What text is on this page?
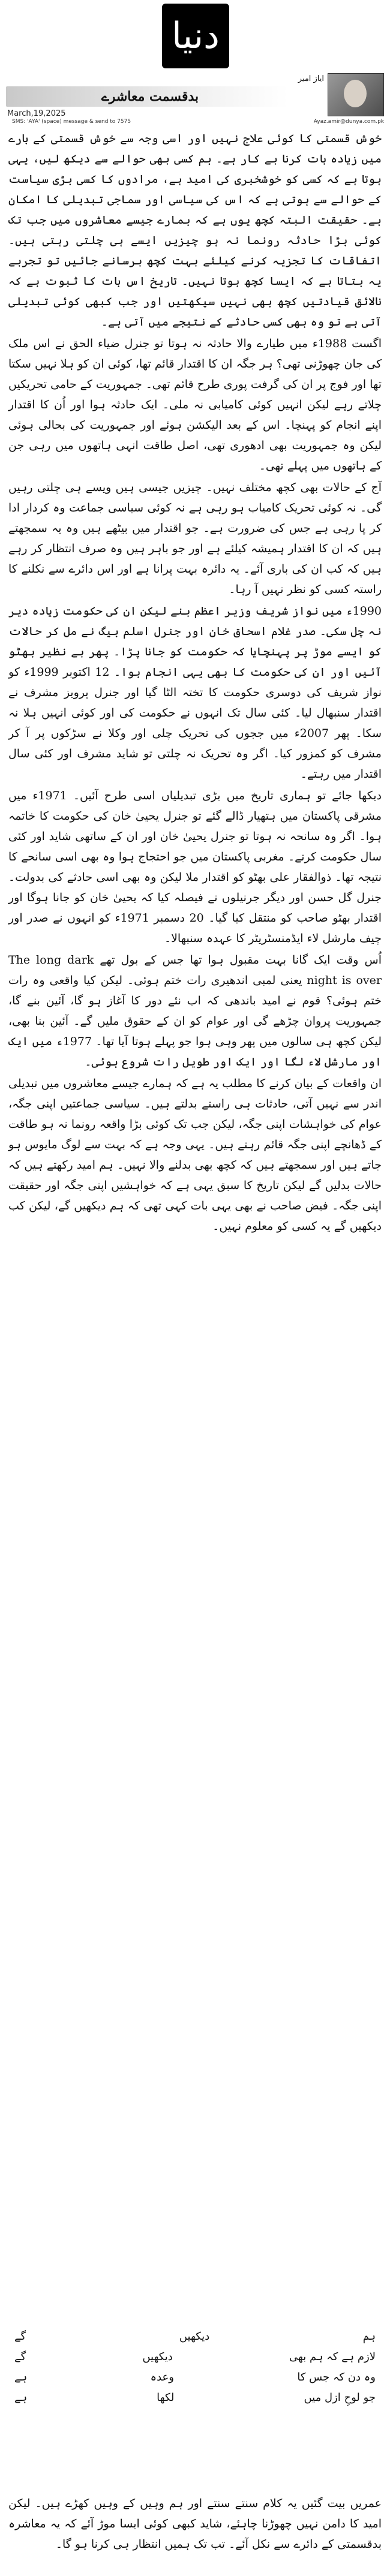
دنیا
بدقسمت معاشرے
ایاز امیر
March,19,2025
SMS: 'AYA' (space) message & send to 7575	Ayaz.amir@dunya.com.pk

خوش قسمتی کا کوئی علاج نہیں اور اسی وجہ سے خوش قسمتی کے بارے میں زیادہ بات کرنا بے کار ہے۔ ہم کسی بھی حوالے سے دیکھ لیں، یہی ہوتا ہے کہ کسی کو خوشخبری کی امید ہے، مرادوں کا کسی بڑی سیاست کے حوالے سے ہوتی ہے کہ اس کی سیاسی اور سماجی تبدیلی کا امکان ہے۔ حقیقت البتہ کچھ یوں ہے کہ ہمارے جیسے معاشروں میں جب تک کوئی بڑا حادثہ رونما نہ ہو چیزیں ایسے ہی چلتی رہتی ہیں۔ اتفاقات کا تجزیہ کرنے کیلئے بہت کچھ برسانے جائیں تو تجربے یہ بتاتا ہے کہ ایسا کچھ ہوتا نہیں۔ تاریخ اس بات کا ثبوت ہے کہ نالائق قیادتیں کچھ بھی نہیں سیکھتیں اور جب کبھی کوئی تبدیلی آتی ہے تو وہ بھی کسی حادثے کے نتیجے میں آتی ہے۔

اگست 1988ء میں طیارے والا حادثہ نہ ہوتا تو جنرل ضیاء الحق نے اس ملک کی جان چھوڑنی تھی؟ ہر جگہ ان کا اقتدار قائم تھا، کوئی ان کو ہلا نہیں سکتا تھا اور فوج پر ان کی گرفت پوری طرح قائم تھی۔ جمہوریت کے حامی تحریکیں چلاتے رہے لیکن انہیں کوئی کامیابی نہ ملی۔ ایک حادثہ ہوا اور اُن کا اقتدار اپنے انجام کو پہنچا۔ اس کے بعد الیکشن ہوئے اور جمہوریت کی بحالی ہوئی لیکن وہ جمہوریت بھی ادھوری تھی، اصل طاقت انہی ہاتھوں میں رہی جن کے ہاتھوں میں پہلے تھی۔

آج کے حالات بھی کچھ مختلف نہیں۔ چیزیں جیسی ہیں ویسے ہی چلتی رہیں گی۔ نہ کوئی تحریک کامیاب ہو رہی ہے نہ کوئی سیاسی جماعت وہ کردار ادا کر پا رہی ہے جس کی ضرورت ہے۔ جو اقتدار میں بیٹھے ہیں وہ یہ سمجھتے ہیں کہ ان کا اقتدار ہمیشہ کیلئے ہے اور جو باہر ہیں وہ صرف انتظار کر رہے ہیں کہ کب ان کی باری آئے۔ یہ دائرہ بہت پرانا ہے اور اس دائرے سے نکلنے کا راستہ کسی کو نظر نہیں آ رہا۔

1990ء میں نواز شریف وزیر اعظم بنے لیکن ان کی حکومت زیادہ دیر نہ چل سکی۔ صدر غلام اسحاق خان اور جنرل اسلم بیگ نے مل کر حالات کو ایسے موڑ پر پہنچایا کہ حکومت کو جانا پڑا۔ پھر بے نظیر بھٹو آئیں اور ان کی حکومت کا بھی یہی انجام ہوا۔ 12 اکتوبر 1999ء کو نواز شریف کی دوسری حکومت کا تختہ الٹا گیا اور جنرل پرویز مشرف نے اقتدار سنبھال لیا۔ کئی سال تک انہوں نے حکومت کی اور کوئی انہیں ہلا نہ سکا۔ پھر 2007ء میں ججوں کی تحریک چلی اور وکلا نے سڑکوں پر آ کر مشرف کو کمزور کیا۔ اگر وہ تحریک نہ چلتی تو شاید مشرف اور کئی سال اقتدار میں رہتے۔

دیکھا جائے تو ہماری تاریخ میں بڑی تبدیلیاں اسی طرح آئیں۔ 1971ء میں مشرقی پاکستان میں ہتھیار ڈالے گئے تو جنرل یحییٰ خان کی حکومت کا خاتمہ ہوا۔ اگر وہ سانحہ نہ ہوتا تو جنرل یحییٰ خان اور ان کے ساتھی شاید اور کئی سال حکومت کرتے۔ مغربی پاکستان میں جو احتجاج ہوا وہ بھی اسی سانحے کا نتیجہ تھا۔ ذوالفقار علی بھٹو کو اقتدار ملا لیکن وہ بھی اسی حادثے کی بدولت۔ جنرل گل حسن اور دیگر جرنیلوں نے فیصلہ کیا کہ یحییٰ خان کو جانا ہوگا اور اقتدار بھٹو صاحب کو منتقل کیا گیا۔ 20 دسمبر 1971ء کو انہوں نے صدر اور چیف مارشل لاء ایڈمنسٹریٹر کا عہدہ سنبھالا۔

اُس وقت ایک گانا بہت مقبول ہوا تھا جس کے بول تھے The long dark night is over یعنی لمبی اندھیری رات ختم ہوئی۔ لیکن کیا واقعی وہ رات ختم ہوئی؟ قوم نے امید باندھی کہ اب نئے دور کا آغاز ہو گا، آئین بنے گا، جمہوریت پروان چڑھے گی اور عوام کو ان کے حقوق ملیں گے۔ آئین بنا بھی، لیکن کچھ ہی سالوں میں پھر وہی ہوا جو پہلے ہوتا آیا تھا۔ 1977ء میں ایک اور مارشل لاء لگا اور ایک اور طویل رات شروع ہوئی۔

ان واقعات کے بیان کرنے کا مطلب یہ ہے کہ ہمارے جیسے معاشروں میں تبدیلی اندر سے نہیں آتی، حادثات ہی راستے بدلتے ہیں۔ سیاسی جماعتیں اپنی جگہ، عوام کی خواہشات اپنی جگہ، لیکن جب تک کوئی بڑا واقعہ رونما نہ ہو طاقت کے ڈھانچے اپنی جگہ قائم رہتے ہیں۔ یہی وجہ ہے کہ بہت سے لوگ مایوس ہو جاتے ہیں اور سمجھتے ہیں کہ کچھ بھی بدلنے والا نہیں۔ ہم امید رکھتے ہیں کہ حالات بدلیں گے لیکن تاریخ کا سبق یہی ہے کہ خواہشیں اپنی جگہ اور حقیقت اپنی جگہ۔ فیض صاحب نے بھی یہی بات کہی تھی کہ ہم دیکھیں گے، لیکن کب دیکھیں گے یہ کسی کو معلوم نہیں۔

ہم
دیکھیں
گے
لازم ہے کہ ہم بھی
دیکھیں
گے
وہ دن کہ جس کا
وعدہ
ہے
جو لوحِ ازل میں
لکھا
ہے
عمریں بیت گئیں یہ کلام سنتے سنتے اور ہم وہیں کے وہیں کھڑے ہیں۔ لیکن امید کا دامن نہیں چھوڑنا چاہئے، شاید کبھی کوئی ایسا موڑ آئے کہ یہ معاشرہ بدقسمتی کے دائرے سے نکل آئے۔ تب تک ہمیں انتظار ہی کرنا ہو گا۔
